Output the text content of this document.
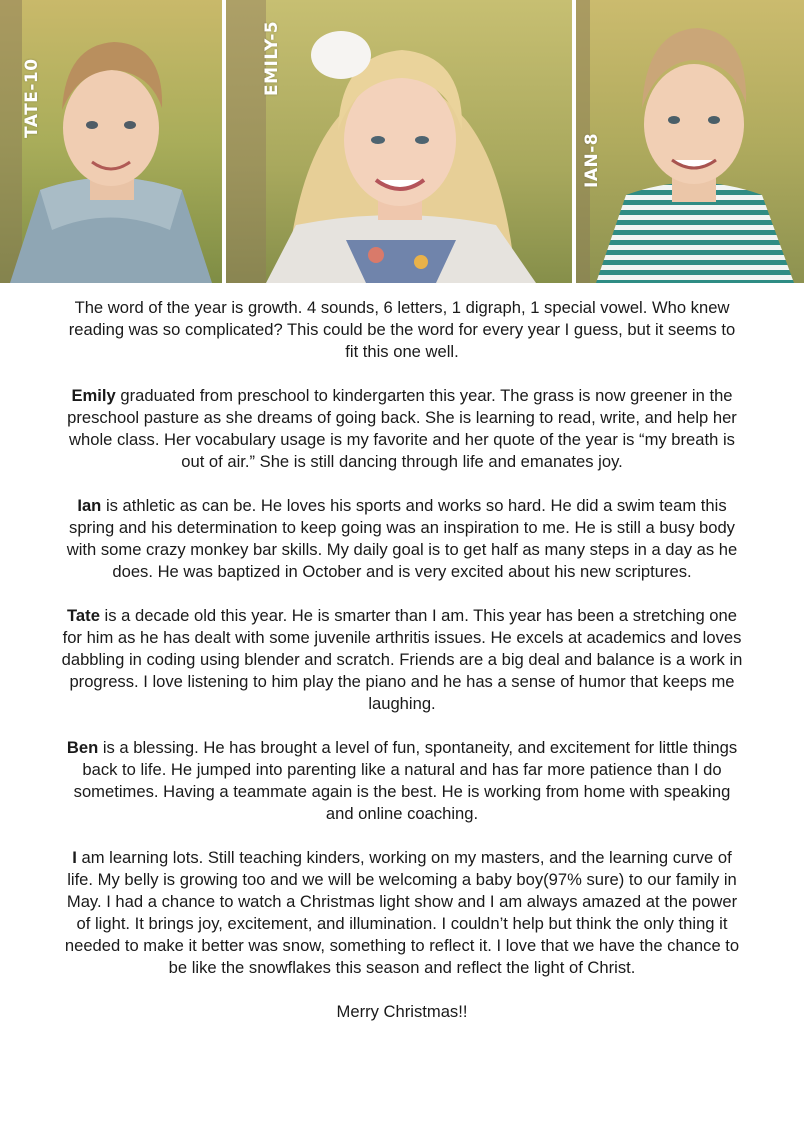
TATE-10
EMILY-5
IAN-8

The word of the year is growth. 4 sounds, 6 letters, 1 digraph, 1 special vowel. Who knew reading was so complicated? This could be the word for every year I guess, but it seems to fit this one well.

Emily graduated from preschool to kindergarten this year. The grass is now greener in the preschool pasture as she dreams of going back. She is learning to read, write, and help her whole class. Her vocabulary usage is my favorite and her quote of the year is “my breath is out of air.” She is still dancing through life and emanates joy.

Ian is athletic as can be. He loves his sports and works so hard. He did a swim team this spring and his determination to keep going was an inspiration to me. He is still a busy body with some crazy monkey bar skills. My daily goal is to get half as many steps in a day as he does. He was baptized in October and is very excited about his new scriptures.

Tate is a decade old this year. He is smarter than I am. This year has been a stretching one for him as he has dealt with some juvenile arthritis issues. He excels at academics and loves dabbling in coding using blender and scratch. Friends are a big deal and balance is a work in progress. I love listening to him play the piano and he has a sense of humor that keeps me laughing.

Ben is a blessing. He has brought a level of fun, spontaneity, and excitement for little things back to life. He jumped into parenting like a natural and has far more patience than I do sometimes. Having a teammate again is the best. He is working from home with speaking and online coaching.

I am learning lots. Still teaching kinders, working on my masters, and the learning curve of life. My belly is growing too and we will be welcoming a baby boy(97% sure) to our family in May. I had a chance to watch a Christmas light show and I am always amazed at the power of light. It brings joy, excitement, and illumination. I couldn’t help but think the only thing it needed to make it better was snow, something to reflect it. I love that we have the chance to be like the snowflakes this season and reflect the light of Christ.

Merry Christmas!!
